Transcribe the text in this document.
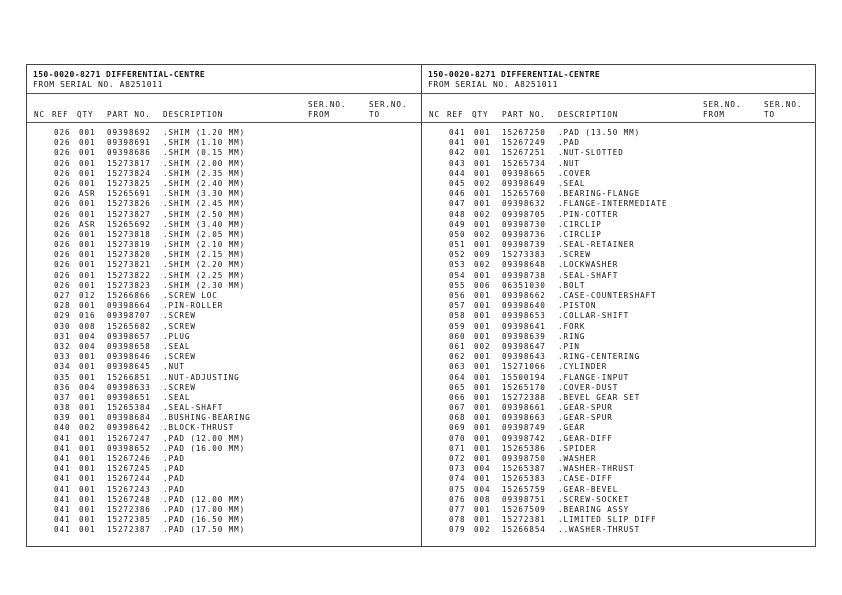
150-0020-8271 DIFFERENTIAL-CENTRE
FROM SERIAL NO. A8251011
SER.NO.	SER.NO.
NC REF QTY PART NO. DESCRIPTION	FROM	TO
026 001 09398692 .SHIM (1.20 MM)
026 001 09398691 .SHIM (1.10 MM)
026 001 09398686 .SHIM (0.15 MM)
026 001 15273817 .SHIM (2.00 MM)
026 001 15273824 .SHIM (2.35 MM)
026 001 15273825 .SHIM (2.40 MM)
026 ASR 15265691 .SHIM (3.30 MM)
026 001 15273826 .SHIM (2.45 MM)
026 001 15273827 .SHIM (2.50 MM)
026 ASR 15265692 .SHIM (3.40 MM)
026 001 15273818 .SHIM (2.05 MM)
026 001 15273819 .SHIM (2.10 MM)
026 001 15273820 .SHIM (2.15 MM)
026 001 15273821 .SHIM (2.20 MM)
026 001 15273822 .SHIM (2.25 MM)
026 001 15273823 .SHIM (2.30 MM)
027 012 15266866 .SCREW LOC
028 001 09398664 .PIN-ROLLER
029 016 09398707 .SCREW
030 008 15265682 .SCREW
031 004 09398657 .PLUG
032 004 09398658 .SEAL
033 001 09398646 .SCREW
034 001 09398645 .NUT
035 001 15266851 .NUT-ADJUSTING
036 004 09398633 .SCREW
037 001 09398651 .SEAL
038 001 15265384 .SEAL-SHAFT
039 001 09398684 .BUSHING-BEARING
040 002 09398642 .BLOCK-THRUST
041 001 15267247 .PAD (12.00 MM)
041 001 09398652 .PAD (16.00 MM)
041 001 15267246 .PAD
041 001 15267245 .PAD
041 001 15267244 .PAD
041 001 15267243 .PAD
041 001 15267248 .PAD (12.00 MM)
041 001 15272386 .PAD (17.00 MM)
041 001 15272385 .PAD (16.50 MM)
041 001 15272387 .PAD (17.50 MM)
150-0020-8271 DIFFERENTIAL-CENTRE
FROM SERIAL NO. A8251011
SER.NO.	SER.NO.
NC REF QTY PART NO. DESCRIPTION	FROM	TO
041 001 15267250 .PAD (13.50 MM)
041 001 15267249 .PAD
042 001 15267251 .NUT-SLOTTED
043 001 15265734 .NUT
044 001 09398665 .COVER
045 002 09398649 .SEAL
046 001 15265760 .BEARING-FLANGE
047 001 09398632 .FLANGE-INTERMEDIATE
048 002 09398705 .PIN-COTTER
049 001 09398730 .CIRCLIP
050 002 09398736 .CIRCLIP
051 001 09398739 .SEAL-RETAINER
052 009 15273383 .SCREW
053 002 09398648 .LOCKWASHER
054 001 09398738 .SEAL-SHAFT
055 006 06351030 .BOLT
056 001 09398662 .CASE-COUNTERSHAFT
057 001 09398640 .PISTON
058 001 09398653 .COLLAR-SHIFT
059 001 09398641 .FORK
060 001 09398639 .RING
061 002 09398647 .PIN
062 001 09398643 .RING-CENTERING
063 001 15271066 .CYLINDER
064 001 15500194 .FLANGE-INPUT
065 001 15265170 .COVER-DUST
066 001 15272388 .BEVEL GEAR SET
067 001 09398661 .GEAR-SPUR
068 001 09398663 .GEAR-SPUR
069 001 09398749 .GEAR
070 001 09398742 .GEAR-DIFF
071 001 15265386 .SPIDER
072 001 09398750 .WASHER
073 004 15265387 .WASHER-THRUST
074 001 15265383 .CASE-DIFF
075 004 15265759 .GEAR-BEVEL
076 008 09398751 .SCREW-SOCKET
077 001 15267509 .BEARING ASSY
078 001 15272381 .LIMITED SLIP DIFF
079 002 15266854 ..WASHER-THRUST
